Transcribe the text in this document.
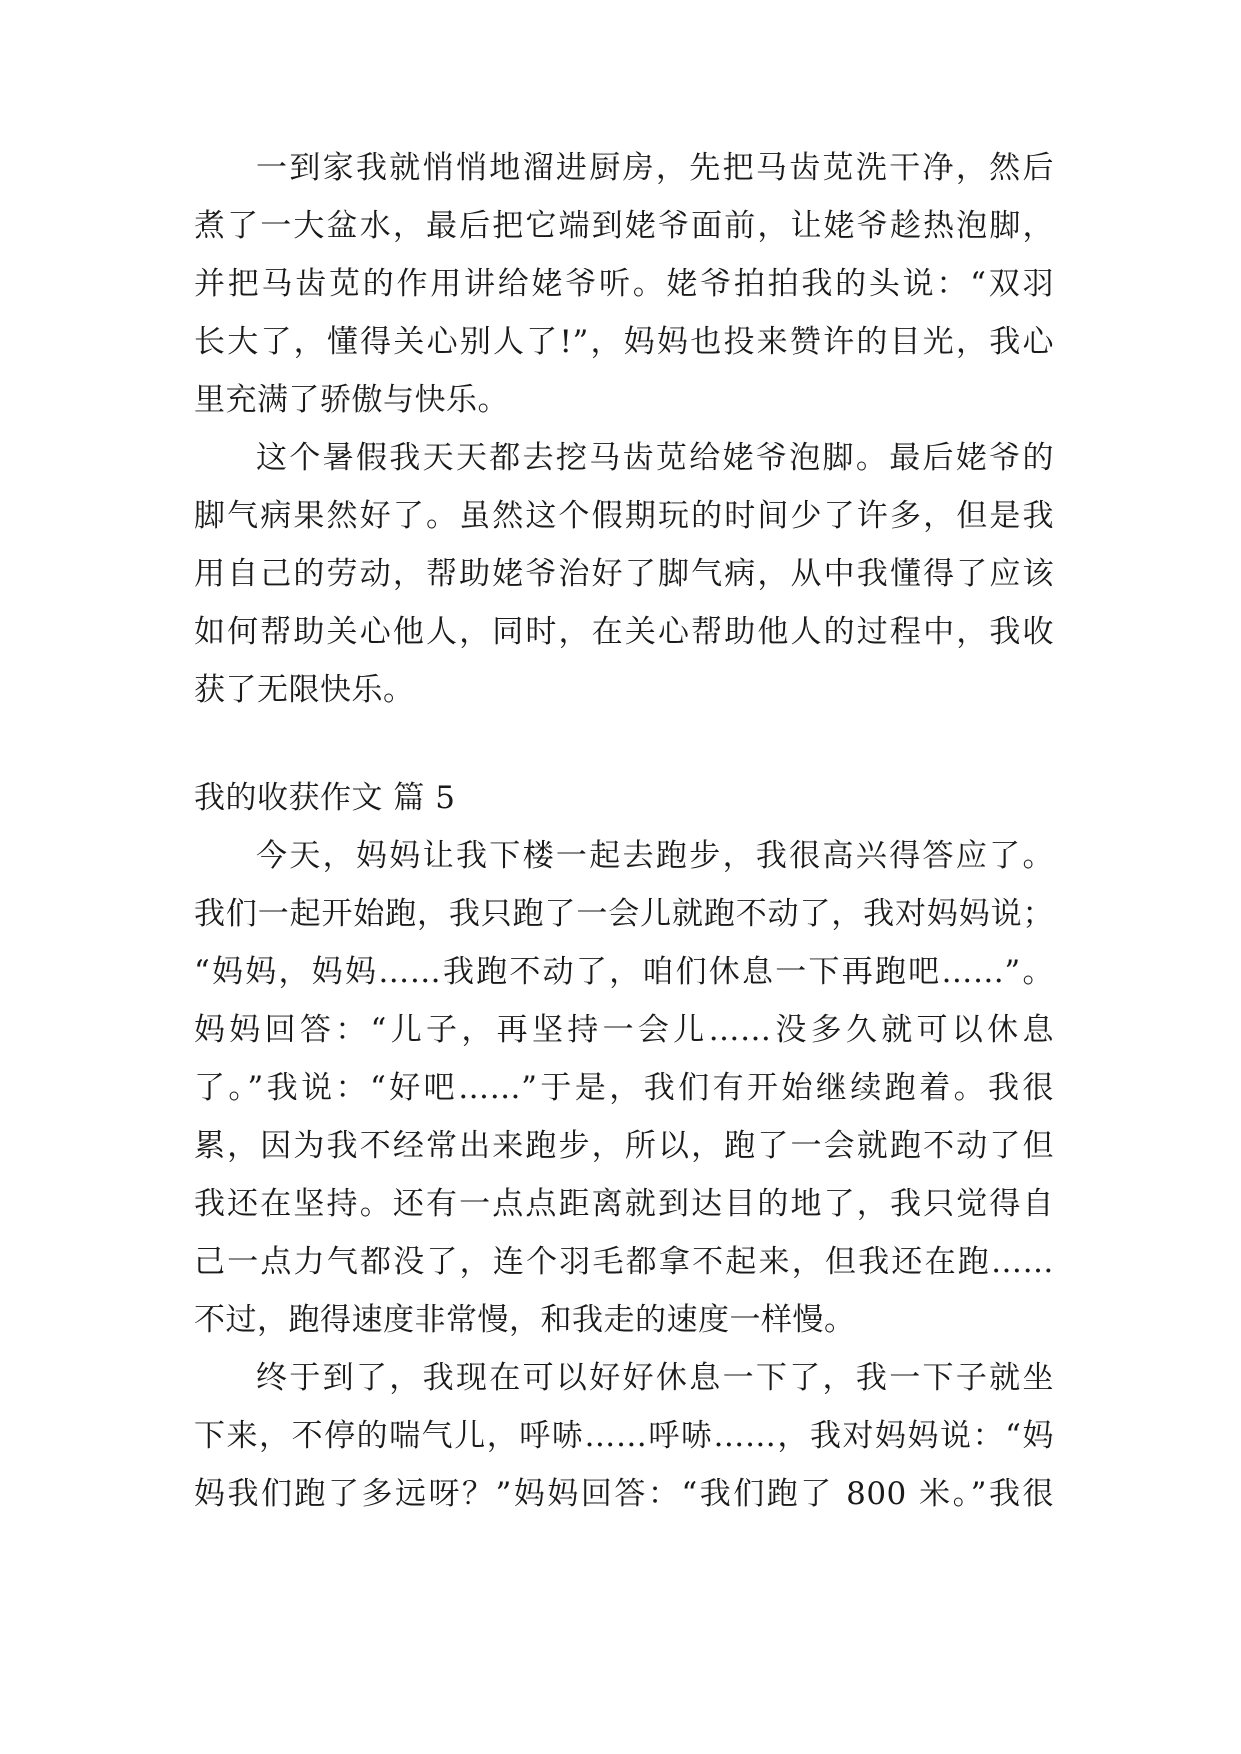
一到家我就悄悄地溜进厨房，先把马齿苋洗干净，然后
煮了一大盆水，最后把它端到姥爷面前，让姥爷趁热泡脚，
并把马齿苋的作用讲给姥爷听。姥爷拍拍我的头说：“双羽
长大了，懂得关心别人了!”，妈妈也投来赞许的目光，我心
里充满了骄傲与快乐。
这个暑假我天天都去挖马齿苋给姥爷泡脚。最后姥爷的
脚气病果然好了。虽然这个假期玩的时间少了许多，但是我
用自己的劳动，帮助姥爷治好了脚气病，从中我懂得了应该
如何帮助关心他人，同时，在关心帮助他人的过程中，我收
获了无限快乐。
我的收获作文 篇 5
今天，妈妈让我下楼一起去跑步，我很高兴得答应了。
我们一起开始跑，我只跑了一会儿就跑不动了，我对妈妈说；
“妈妈，妈妈……我跑不动了，咱们休息一下再跑吧……”。
妈妈回答：“儿子，再坚持一会儿……没多久就可以休息
了。”我说：“好吧……”于是，我们有开始继续跑着。我很
累，因为我不经常出来跑步，所以，跑了一会就跑不动了但
我还在坚持。还有一点点距离就到达目的地了，我只觉得自
己一点力气都没了，连个羽毛都拿不起来，但我还在跑……
不过，跑得速度非常慢，和我走的速度一样慢。
终于到了，我现在可以好好休息一下了，我一下子就坐
下来，不停的喘气儿，呼哧……呼哧……，我对妈妈说：“妈
妈我们跑了多远呀？”妈妈回答：“我们跑了 800 米。”我很
